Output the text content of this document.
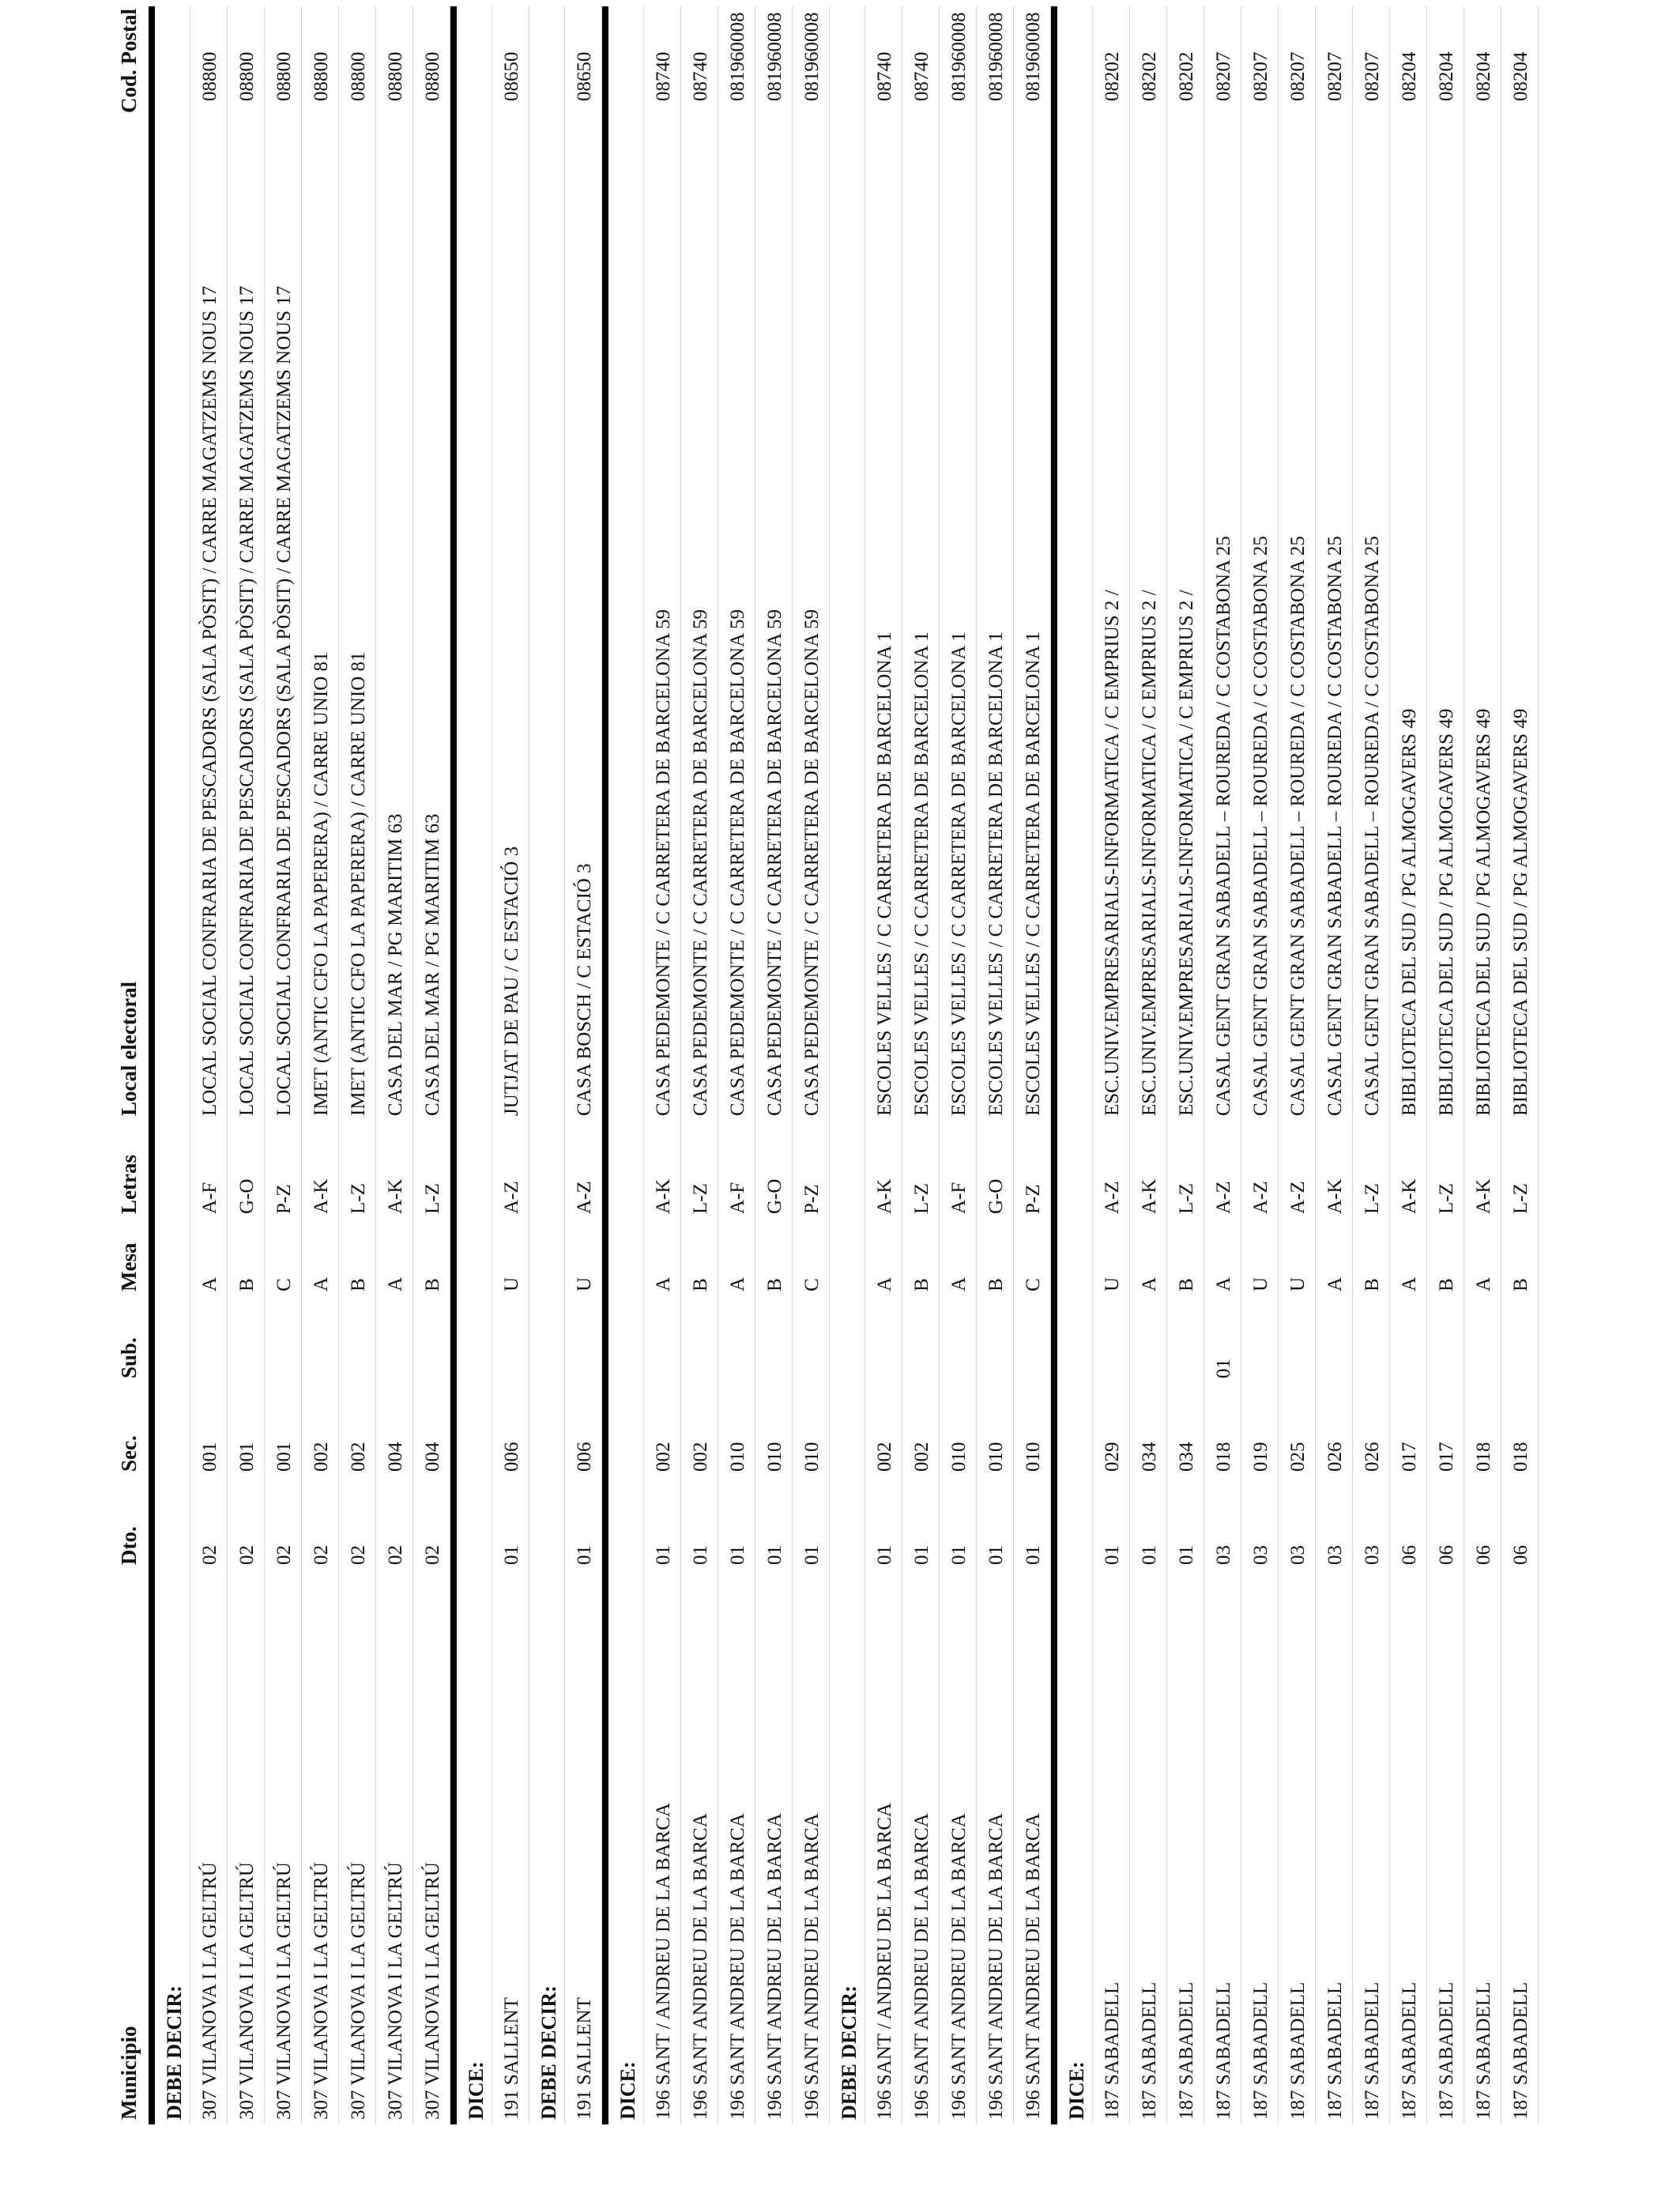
Municipio
Dto.
Sec.
Sub.
Mesa
Letras
Local electoral
Cod. Postal
DEBE DECIR: 307 VILANOVA I LA GELTRÚ
02
001
A
A-F
LOCAL SOCIAL CONFRARIA DE PESCADORS (SALA PÒSIT) / CARRE MAGATZEMS NOUS 17
08800
307 VILANOVA I LA GELTRÚ
02
001
B
G-O
LOCAL SOCIAL CONFRARIA DE PESCADORS (SALA PÒSIT) / CARRE MAGATZEMS NOUS 17
08800
307 VILANOVA I LA GELTRÚ
02
001
C
P-Z
LOCAL SOCIAL CONFRARIA DE PESCADORS (SALA PÒSIT) / CARRE MAGATZEMS NOUS 17
08800
307 VILANOVA I LA GELTRÚ
02
002
A
A-K
IMET (ANTIC CFO LA PAPERERA) / CARRE UNIO 81
08800
307 VILANOVA I LA GELTRÚ
02
002
B
L-Z
IMET (ANTIC CFO LA PAPERERA) / CARRE UNIO 81
08800
307 VILANOVA I LA GELTRÚ
02
004
A
A-K
CASA DEL MAR / PG MARITIM 63
08800
307 VILANOVA I LA GELTRÚ
02
004
B
L-Z
CASA DEL MAR / PG MARITIM 63
08800
DICE: 191 SALLENT
01
006
U
A-Z
JUTJAT DE PAU / C ESTACIÓ 3
08650
DEBE DECIR: 191 SALLENT
01
006
U
A-Z
CASA BOSCH / C ESTACIÓ 3
08650
DICE: 196 SANT / ANDREU DE LA BARCA
01
002
A
A-K
CASA PEDEMONTE / C CARRETERA DE BARCELONA 59
08740
196 SANT ANDREU DE LA BARCA
01
002
B
L-Z
CASA PEDEMONTE / C CARRETERA DE BARCELONA 59
08740
196 SANT ANDREU DE LA BARCA
01
010
A
A-F
CASA PEDEMONTE / C CARRETERA DE BARCELONA 59
081960008
196 SANT ANDREU DE LA BARCA
01
010
B
G-O
CASA PEDEMONTE / C CARRETERA DE BARCELONA 59
081960008
196 SANT ANDREU DE LA BARCA
01
010
C
P-Z
CASA PEDEMONTE / C CARRETERA DE BARCELONA 59
081960008
DEBE DECIR: 196 SANT / ANDREU DE LA BARCA
01
002
A
A-K
ESCOLES VELLES / C CARRETERA DE BARCELONA 1
08740
196 SANT ANDREU DE LA BARCA
01
002
B
L-Z
ESCOLES VELLES / C CARRETERA DE BARCELONA 1
08740
196 SANT ANDREU DE LA BARCA
01
010
A
A-F
ESCOLES VELLES / C CARRETERA DE BARCELONA 1
081960008
196 SANT ANDREU DE LA BARCA
01
010
B
G-O
ESCOLES VELLES / C CARRETERA DE BARCELONA 1
081960008
196 SANT ANDREU DE LA BARCA
01
010
C
P-Z
ESCOLES VELLES / C CARRETERA DE BARCELONA 1
081960008
DICE: 187 SABADELL
01
029
U
A-Z
ESC.UNIV.EMPRESARIALS-INFORMATICA / C EMPRIUS 2 /
08202
187 SABADELL
01
034
A
A-K
ESC.UNIV.EMPRESARIALS-INFORMATICA / C EMPRIUS 2 /
08202
187 SABADELL
01
034
B
L-Z
ESC.UNIV.EMPRESARIALS-INFORMATICA / C EMPRIUS 2 /
08202
187 SABADELL
03
018
01
A
A-Z
CASAL GENT GRAN SABADELL – ROUREDA / C COSTABONA 25
08207
187 SABADELL
03
019
U
A-Z
CASAL GENT GRAN SABADELL – ROUREDA / C COSTABONA 25
08207
187 SABADELL
03
025
U
A-Z
CASAL GENT GRAN SABADELL – ROUREDA / C COSTABONA 25
08207
187 SABADELL
03
026
A
A-K
CASAL GENT GRAN SABADELL – ROUREDA / C COSTABONA 25
08207
187 SABADELL
03
026
B
L-Z
CASAL GENT GRAN SABADELL – ROUREDA / C COSTABONA 25
08207
187 SABADELL
06
017
A
A-K
BIBLIOTECA DEL SUD / PG ALMOGAVERS 49
08204
187 SABADELL
06
017
B
L-Z
BIBLIOTECA DEL SUD / PG ALMOGAVERS 49
08204
187 SABADELL
06
018
A
A-K
BIBLIOTECA DEL SUD / PG ALMOGAVERS 49
08204
187 SABADELL
06
018
B
L-Z
BIBLIOTECA DEL SUD / PG ALMOGAVERS 49
08204
